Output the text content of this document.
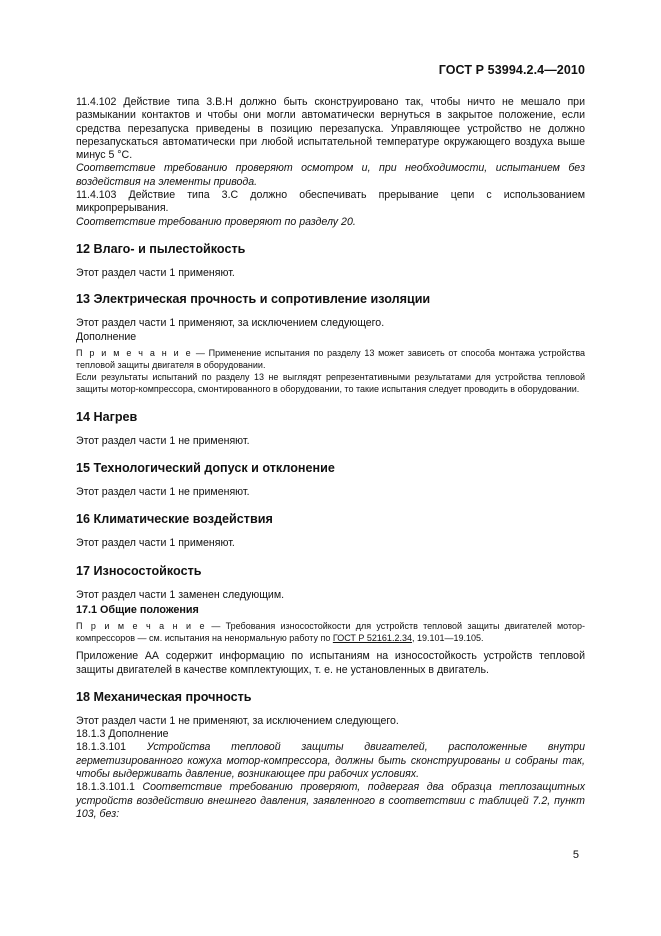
ГОСТ Р 53994.2.4—2010

11.4.102 Действие типа 3.В.Н должно быть сконструировано так, чтобы ничто не мешало при размыкании контактов и чтобы они могли автоматически вернуться в закрытое положение, если средства перезапуска приведены в позицию перезапуска. Управляющее устройство не должно перезапускаться автоматически при любой испытательной температуре окружающего воздуха выше минус 5 °С.

Соответствие требованию проверяют осмотром и, при необходимости, испытанием без воздействия на элементы привода.

11.4.103 Действие типа 3.С должно обеспечивать прерывание цепи с использованием микропрерывания.

Соответствие требованию проверяют по разделу 20.

12 Влаго- и пылестойкость

Этот раздел части 1 применяют.

13 Электрическая прочность и сопротивление изоляции

Этот раздел части 1 применяют, за исключением следующего.

Дополнение

П р и м е ч а н и е — Применение испытания по разделу 13 может зависеть от способа монтажа устройства тепловой защиты двигателя в оборудовании.

Если результаты испытаний по разделу 13 не выглядят репрезентативными результатами для устройства тепловой защиты мотор-компрессора, смонтированного в оборудовании, то такие испытания следует проводить в оборудовании.

14 Нагрев

Этот раздел части 1 не применяют.

15 Технологический допуск и отклонение

Этот раздел части 1 не применяют.

16 Климатические воздействия

Этот раздел части 1 применяют.

17 Износостойкость

Этот раздел части 1 заменен следующим.

17.1 Общие положения

П р и м е ч а н и е — Требования износостойкости для устройств тепловой защиты двигателей мотор-компрессоров — см. испытания на ненормальную работу по ГОСТ Р 52161.2.34, 19.101—19.105.

Приложение АА содержит информацию по испытаниям на износостойкость устройств тепловой защиты двигателей в качестве комплектующих, т. е. не установленных в двигатель.

18 Механическая прочность

Этот раздел части 1 не применяют, за исключением следующего.

18.1.3 Дополнение

18.1.3.101 Устройства тепловой защиты двигателей, расположенные внутри герметизированного кожуха мотор-компрессора, должны быть сконструированы и собраны так, чтобы выдерживать давление, возникающее при рабочих условиях.

18.1.3.101.1 Соответствие требованию проверяют, подвергая два образца теплозащитных устройств воздействию внешнего давления, заявленного в соответствии с таблицей 7.2, пункт 103, без:

5
